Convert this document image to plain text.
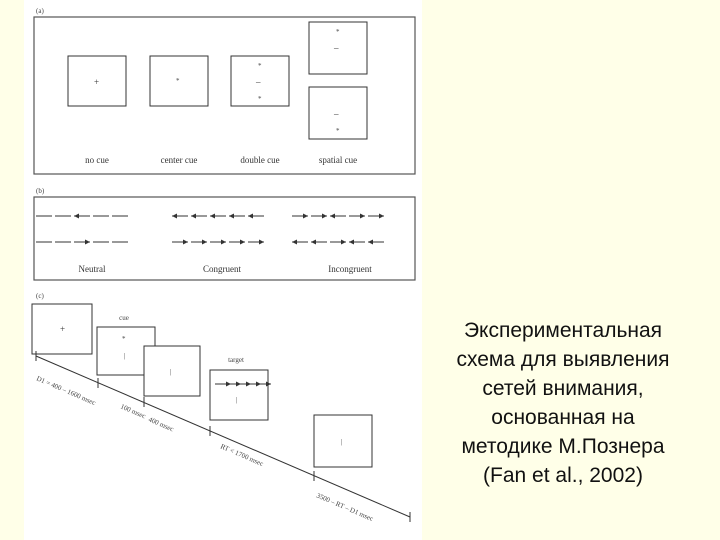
(a)
+	*
*
–
*
*
–
–
*
no cue	center cue	double cue	spatial cue
(b)
Neutral	Congruent	Incongruent
(c)
+
cue
*
|
|
target
|
|
D1 = 400 – 1600 msec
100 msec
400 msec
RT < 1700 msec
3500 – RT – D1 msec
Экспериментальная
схема для выявления
сетей внимания,
основанная на
методике М.Познера
(Fan et al., 2002)
